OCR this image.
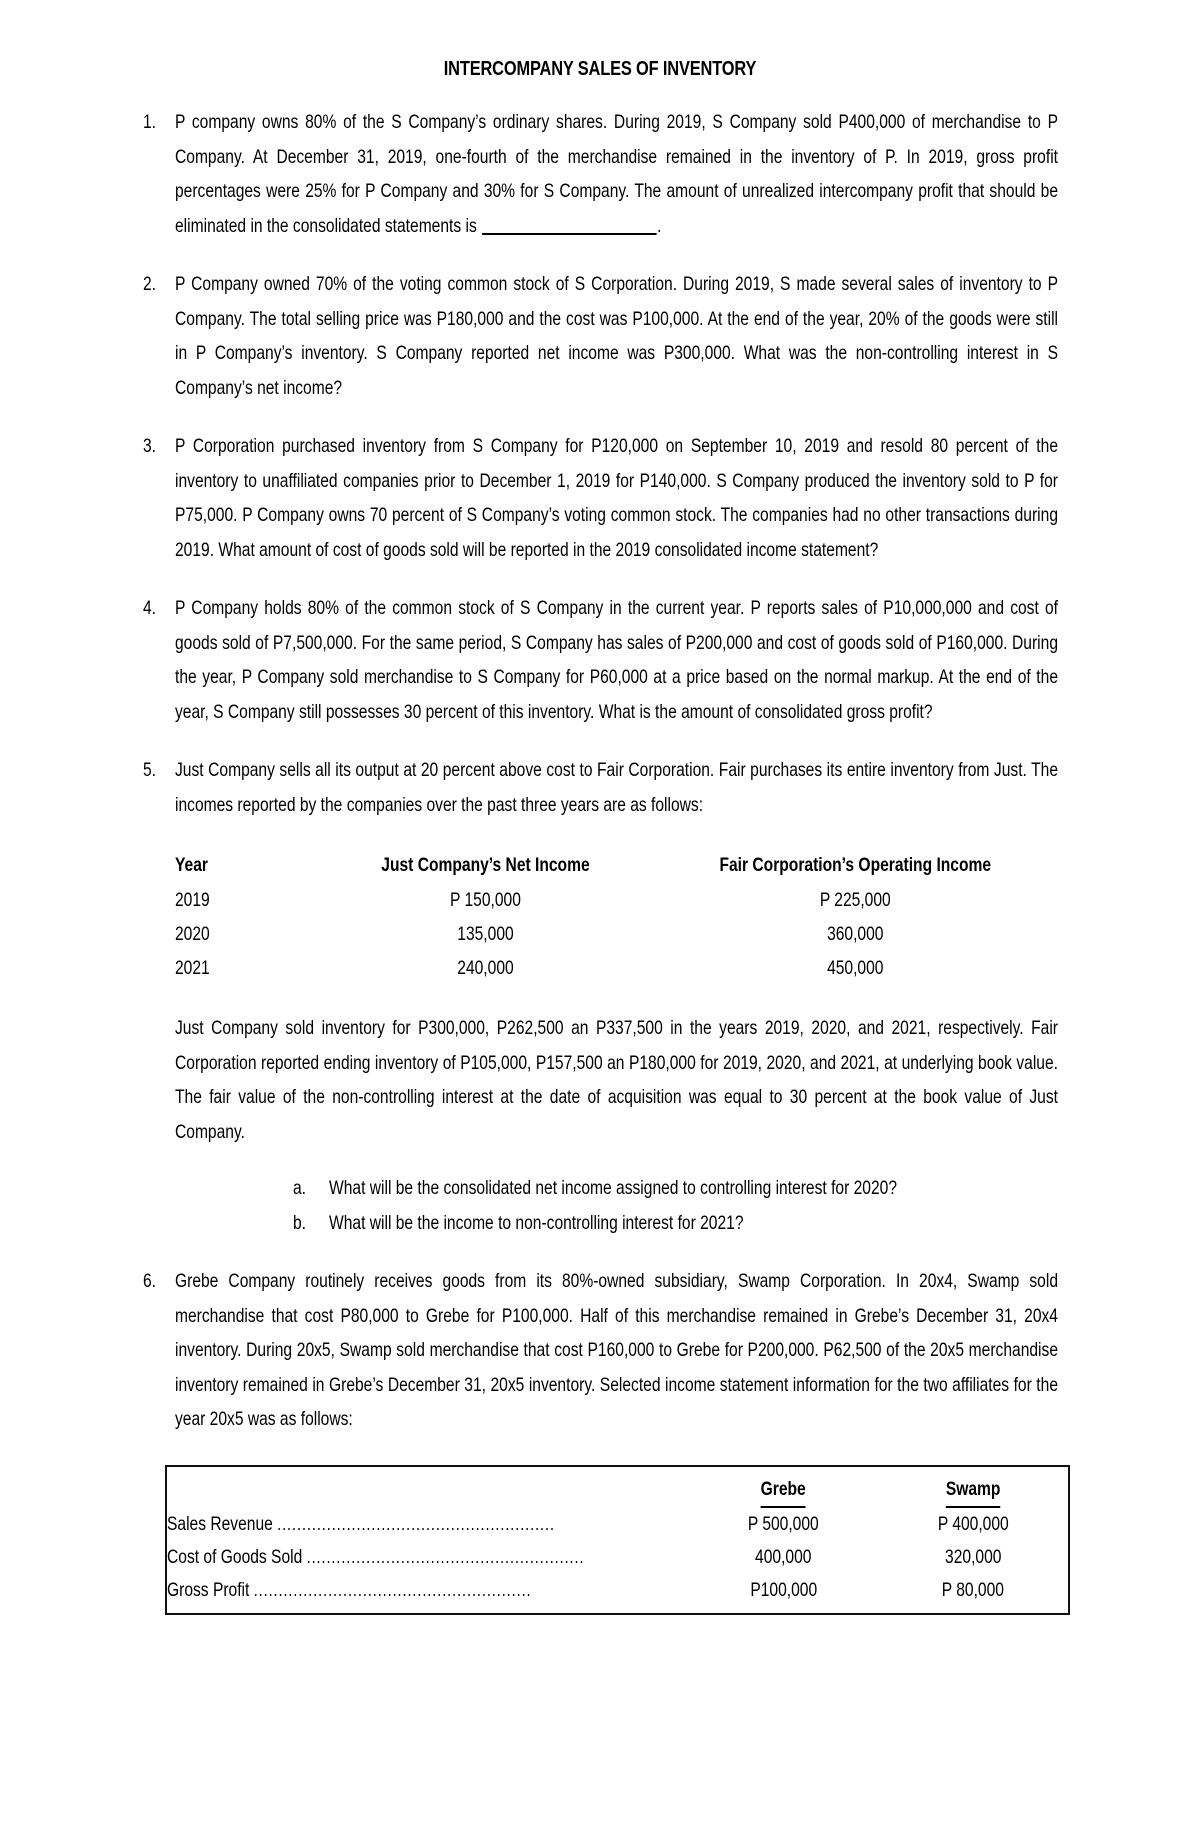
INTERCOMPANY SALES OF INVENTORY
1. P company owns 80% of the S Company’s ordinary shares. During 2019, S Company sold P400,000 of merchandise to P Company. At December 31, 2019, one-fourth of the merchandise remained in the inventory of P. In 2019, gross profit percentages were 25% for P Company and 30% for S Company. The amount of unrealized intercompany profit that should be eliminated in the consolidated statements is	.

2. P Company owned 70% of the voting common stock of S Corporation. During 2019, S made several sales of inventory to P Company. The total selling price was P180,000 and the cost was P100,000. At the end of the year, 20% of the goods were still in P Company’s inventory. S Company reported net income was P300,000. What was the non-controlling interest in S Company’s net income?

3. P Corporation purchased inventory from S Company for P120,000 on September 10, 2019 and resold 80 percent of the inventory to unaffiliated companies prior to December 1, 2019 for P140,000. S Company produced the inventory sold to P for P75,000. P Company owns 70 percent of S Company’s voting common stock. The companies had no other transactions during 2019. What amount of cost of goods sold will be reported in the 2019 consolidated income statement?

4. P Company holds 80% of the common stock of S Company in the current year. P reports sales of P10,000,000 and cost of goods sold of P7,500,000. For the same period, S Company has sales of P200,000 and cost of goods sold of P160,000. During the year, P Company sold merchandise to S Company for P60,000 at a price based on the normal markup. At the end of the year, S Company still possesses 30 percent of this inventory. What is the amount of consolidated gross profit?

5. Just Company sells all its output at 20 percent above cost to Fair Corporation. Fair purchases its entire inventory from Just. The incomes reported by the companies over the past three years are as follows:

Year	Just Company’s Net Income	Fair Corporation’s Operating Income
2019	P 150,000	P 225,000
2020	135,000	360,000
2021	240,000	450,000

Just Company sold inventory for P300,000, P262,500 an P337,500 in the years 2019, 2020, and 2021, respectively. Fair Corporation reported ending inventory of P105,000, P157,500 an P180,000 for 2019, 2020, and 2021, at underlying book value. The fair value of the non-controlling interest at the date of acquisition was equal to 30 percent at the book value of Just Company.

a.	What will be the consolidated net income assigned to controlling interest for 2020?
b.	What will be the income to non-controlling interest for 2021?
6. Grebe Company routinely receives goods from its 80%-owned subsidiary, Swamp Corporation. In 20x4, Swamp sold merchandise that cost P80,000 to Grebe for P100,000. Half of this merchandise remained in Grebe’s December 31, 20x4 inventory. During 20x5, Swamp sold merchandise that cost P160,000 to Grebe for P200,000. P62,500 of the 20x5 merchandise inventory remained in Grebe’s December 31, 20x5 inventory. Selected income statement information for the two affiliates for the year 20x5 was as follows:

	Grebe	Swamp
Sales Revenue ........................................................	P 500,000	P 400,000
Cost of Goods Sold ........................................................	400,000	320,000
Gross Profit ........................................................	P100,000	P 80,000
